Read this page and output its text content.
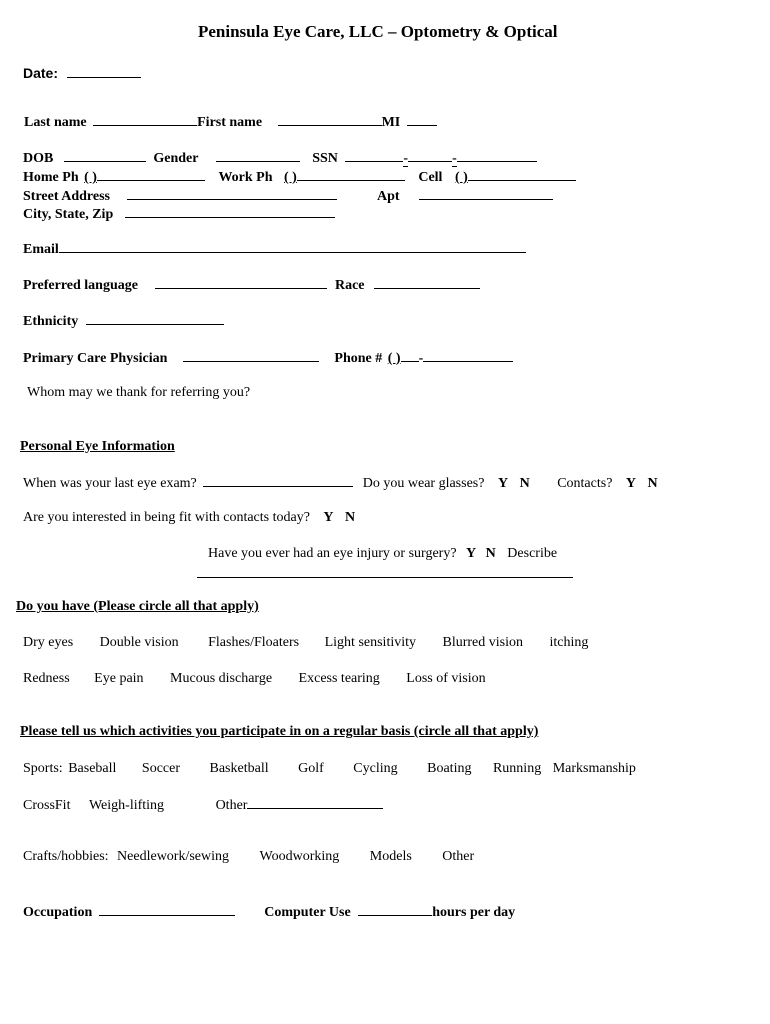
Peninsula Eye Care, LLC – Optometry & Optical
Date:
Last name	First name	MI
DOB	Gender	SSN	-	-
Home Ph ( )	Work Ph ( )	Cell ( )
Street Address	Apt
City, State, Zip
Email
Preferred language	Race
Ethnicity
Primary Care Physician	Phone # ( ) -
Whom may we thank for referring you?
Personal Eye Information
When was your last eye exam?	Do you wear glasses? Y N Contacts? Y N
Are you interested in being fit with contacts today? Y N
Have you ever had an eye injury or surgery? Y N Describe
Do you have (Please circle all that apply)
Dry eyes Double vision Flashes/Floaters Light sensitivity Blurred vision itching
Redness Eye pain Mucous discharge Excess tearing Loss of vision
Please tell us which activities you participate in on a regular basis (circle all that apply)
Sports: Baseball Soccer Basketball Golf Cycling Boating Running Marksmanship
CrossFit Weigh-lifting	Other
Crafts/hobbies: Needlework/sewing Woodworking Models Other
Occupation	Computer Use	hours per day
